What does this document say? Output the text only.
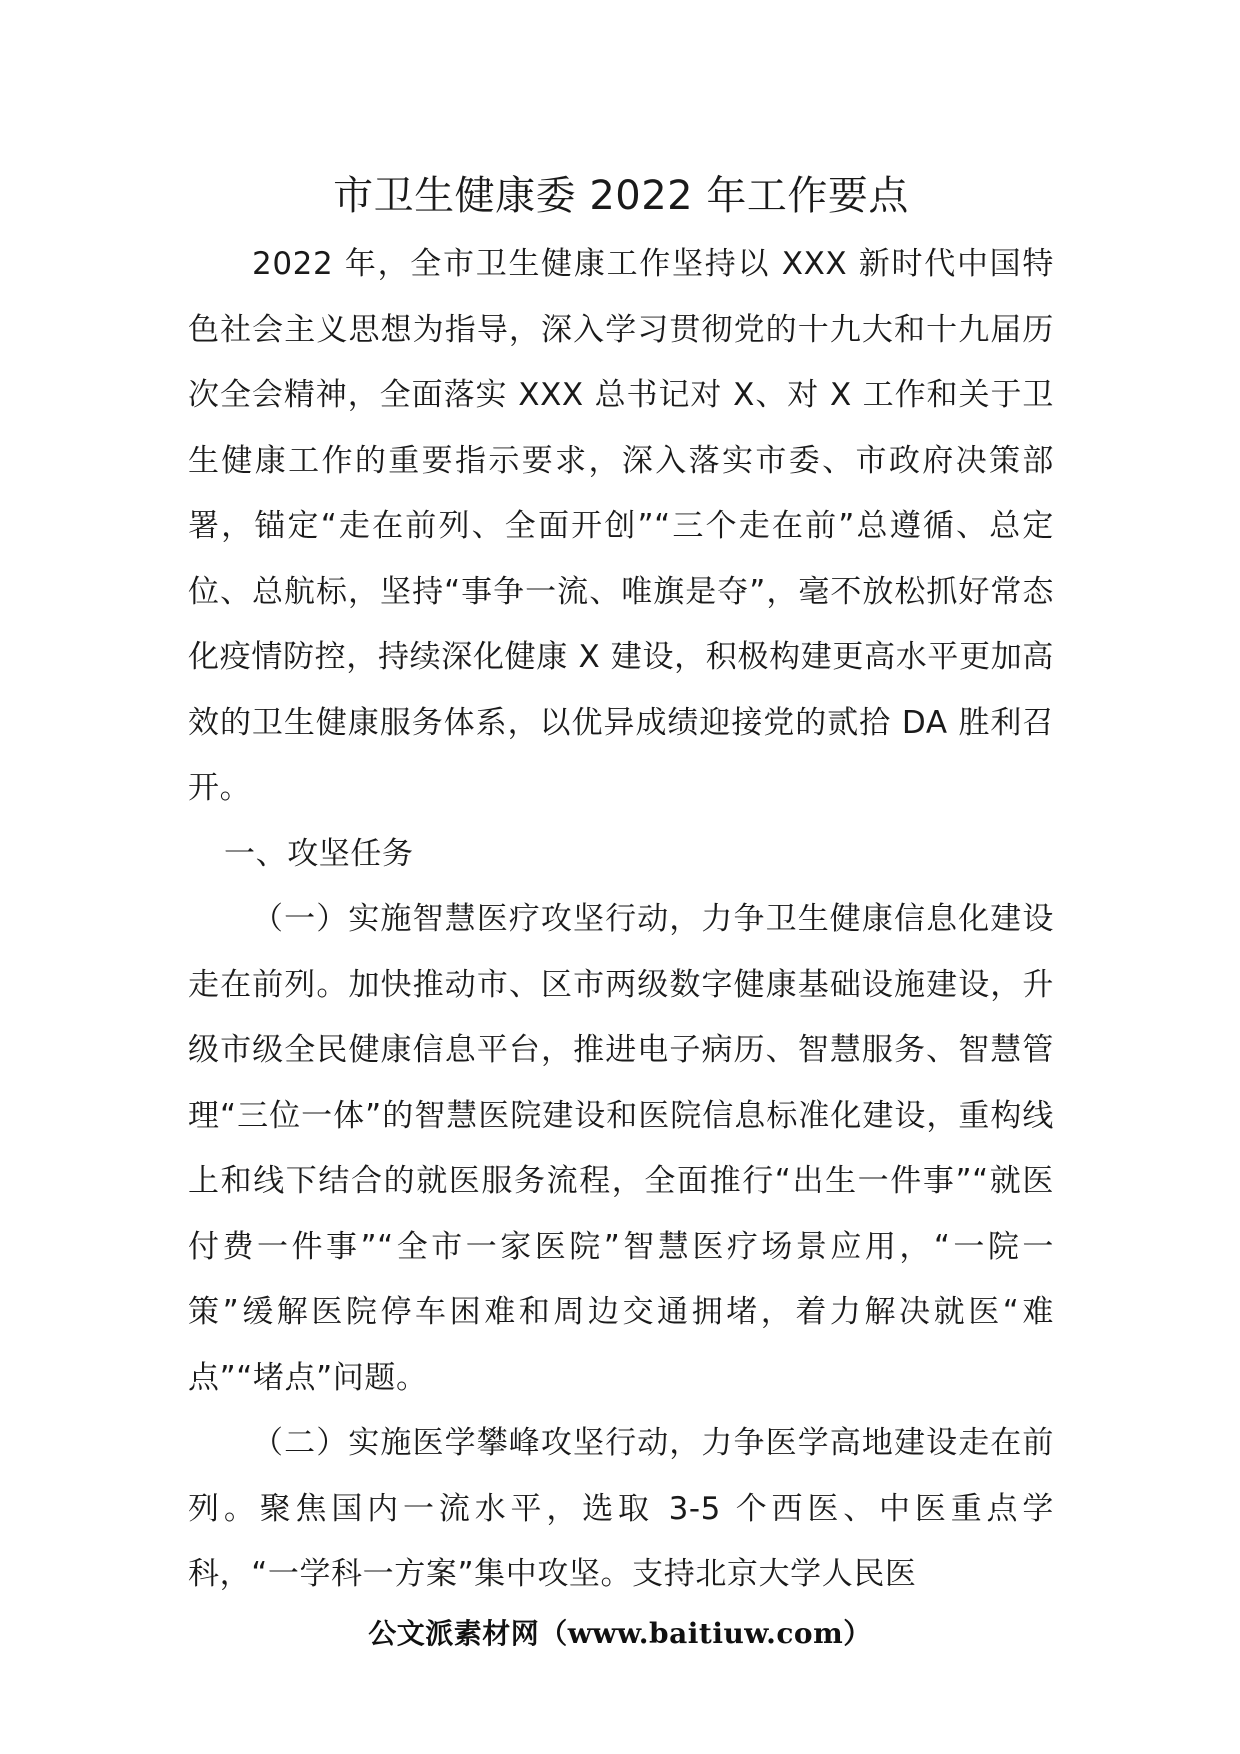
市卫生健康委 2022 年工作要点

2022 年，全市卫生健康工作坚持以 XXX 新时代中国特色社会主义思想为指导，深入学习贯彻党的十九大和十九届历次全会精神，全面落实 XXX 总书记对 X、对 X 工作和关于卫生健康工作的重要指示要求，深入落实市委、市政府决策部署，锚定“走在前列、全面开创”“三个走在前”总遵循、总定位、总航标，坚持“事争一流、唯旗是夺”，毫不放松抓好常态化疫情防控，持续深化健康 X 建设，积极构建更高水平更加高效的卫生健康服务体系，以优异成绩迎接党的贰拾 DA 胜利召开。

一、攻坚任务

（一）实施智慧医疗攻坚行动，力争卫生健康信息化建设走在前列。加快推动市、区市两级数字健康基础设施建设，升级市级全民健康信息平台，推进电子病历、智慧服务、智慧管理“三位一体”的智慧医院建设和医院信息标准化建设，重构线上和线下结合的就医服务流程，全面推行“出生一件事”“就医付费一件事”“全市一家医院”智慧医疗场景应用，“一院一策”缓解医院停车困难和周边交通拥堵，着力解决就医“难点”“堵点”问题。

（二）实施医学攀峰攻坚行动，力争医学高地建设走在前列。聚焦国内一流水平，选取 3-5 个西医、中医重点学科，“一学科一方案”集中攻坚。支持北京大学人民医

公文派素材网（www.baitiuw.com）
